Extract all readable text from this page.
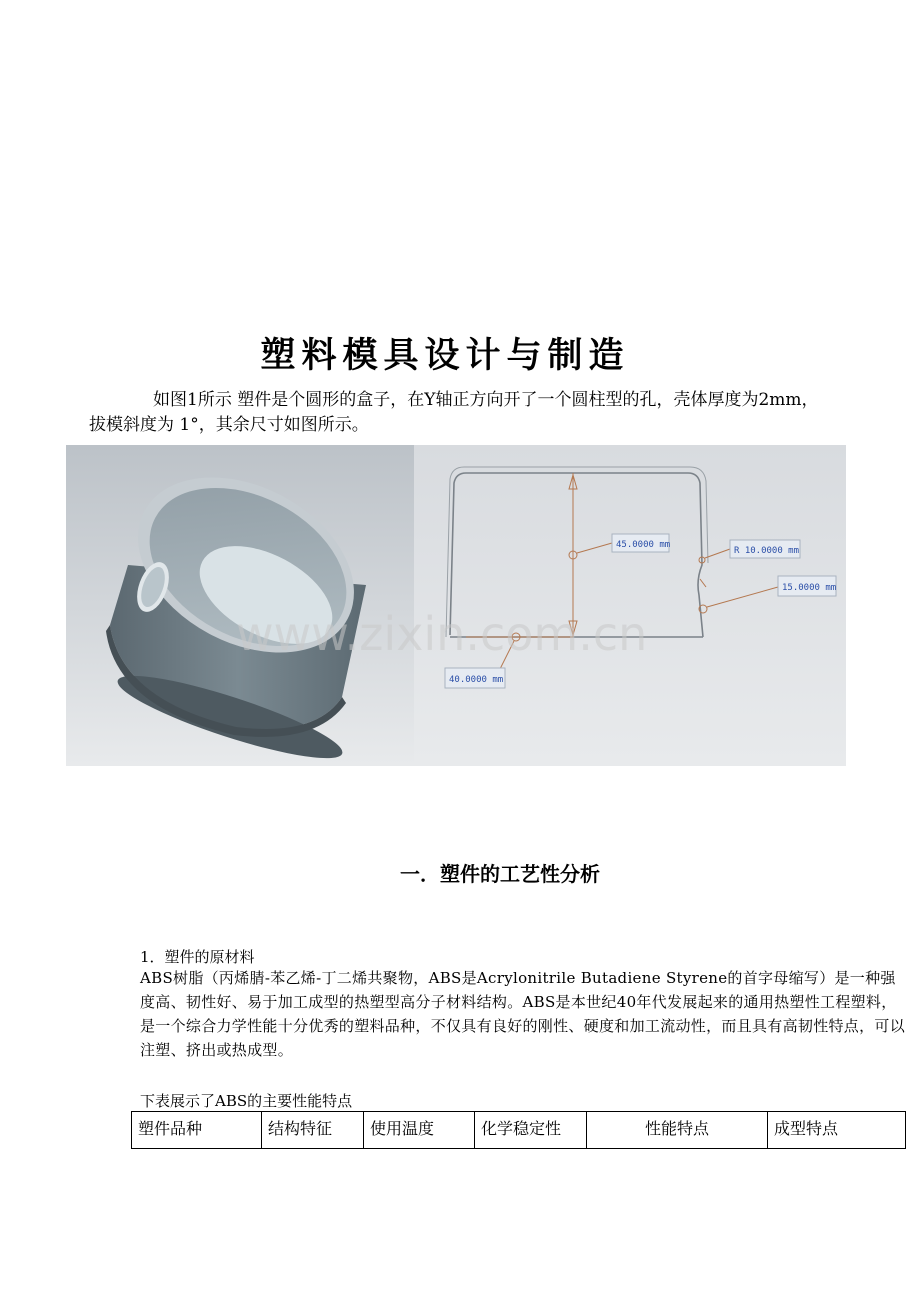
塑料模具设计与制造
如图1所示 塑件是个圆形的盒子，在Y轴正方向开了一个圆柱型的孔，壳体厚度为2mm，
拔模斜度为 1°，其余尺寸如图所示。
45.0000 mm
R 10.0000 mm
15.0000 mm
40.0000 mm
www.zixin.com.cn
一．塑件的工艺性分析
1．塑件的原材料
ABS树脂（丙烯腈-苯乙烯-丁二烯共聚物，ABS是Acrylonitrile Butadiene Styrene的首字母缩写）是一种强度高、韧性好、易于加工成型的热塑型高分子材料结构。ABS是本世纪40年代发展起来的通用热塑性工程塑料，是一个综合力学性能十分优秀的塑料品种，不仅具有良好的刚性、硬度和加工流动性，而且具有高韧性特点，可以注塑、挤出或热成型。
下表展示了ABS的主要性能特点
塑件品种	结构特征	使用温度	化学稳定性	性能特点	成型特点
